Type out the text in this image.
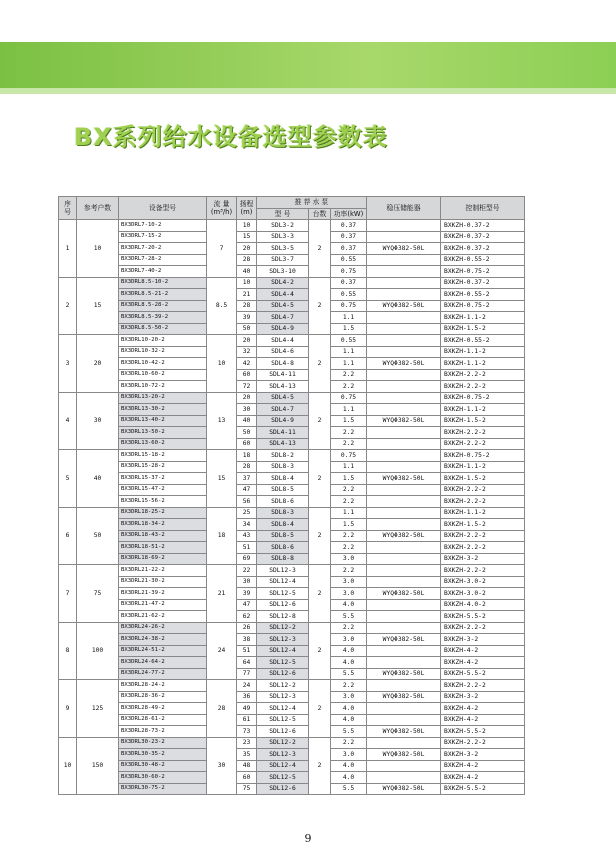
BX系列给水设备选型参数表
序
号	参考户数	设备型号	流 量
(m³/h)	扬程
(m)	推 荐 水 泵			稳压储能器	控制柜型号
					型 号	台数	功率(kW)		
1	10	BX3DRL7-10-2	7	10	SDL3-2	2	0.37		BXKZH-0.37-2
		BX3DRL7-15-2		15	SDL3-3		0.37		BXKZH-0.37-2
		BX3DRL7-20-2		20	SDL3-5		0.37	WYQΦ382-50L	BXKZH-0.37-2
		BX3DRL7-28-2		28	SDL3-7		0.55		BXKZH-0.55-2
		BX3DRL7-40-2		40	SDL3-10		0.75		BXKZH-0.75-2
2	15	BX3DRL8.5-10-2	8.5	10	SDL4-2	2	0.37		BXKZH-0.37-2
		BX3DRL8.5-21-2		21	SDL4-4		0.55		BXKZH-0.55-2
		BX3DRL8.5-28-2		28	SDL4-5		0.75	WYQΦ382-50L	BXKZH-0.75-2
		BX3DRL8.5-39-2		39	SDL4-7		1.1		BXKZH-1.1-2
		BX3DRL8.5-50-2		50	SDL4-9		1.5		BXKZH-1.5-2
3	20	BX3DRL10-20-2	10	20	SDL4-4	2	0.55		BXKZH-0.55-2
		BX3DRL10-32-2		32	SDL4-6		1.1		BXKZH-1.1-2
		BX3DRL10-42-2		42	SDL4-8		1.1	WYQΦ382-50L	BXKZH-1.1-2
		BX3DRL10-60-2		60	SDL4-11		2.2		BXKZH-2.2-2
		BX3DRL10-72-2		72	SDL4-13		2.2		BXKZH-2.2-2
4	30	BX3DRL13-20-2	13	20	SDL4-5	2	0.75		BXKZH-0.75-2
		BX3DRL13-30-2		30	SDL4-7		1.1		BXKZH-1.1-2
		BX3DRL13-40-2		40	SDL4-9		1.5	WYQΦ382-50L	BXKZH-1.5-2
		BX3DRL13-50-2		50	SDL4-11		2.2		BXKZH-2.2-2
		BX3DRL13-60-2		60	SDL4-13		2.2		BXKZH-2.2-2
5	40	BX3DRL15-18-2	15	18	SDL8-2	2	0.75		BXKZH-0.75-2
		BX3DRL15-28-2		28	SDL8-3		1.1		BXKZH-1.1-2
		BX3DRL15-37-2		37	SDL8-4		1.5	WYQΦ382-50L	BXKZH-1.5-2
		BX3DRL15-47-2		47	SDL8-5		2.2		BXKZH-2.2-2
		BX3DRL15-56-2		56	SDL8-6		2.2		BXKZH-2.2-2
6	50	BX3DRL18-25-2	18	25	SDL8-3	2	1.1		BXKZH-1.1-2
		BX3DRL18-34-2		34	SDL8-4		1.5		BXKZH-1.5-2
		BX3DRL18-43-2		43	SDL8-5		2.2	WYQΦ382-50L	BXKZH-2.2-2
		BX3DRL18-51-2		51	SDL8-6		2.2		BXKZH-2.2-2
		BX3DRL18-69-2		69	SDL8-8		3.0		BXKZH-3-2
7	75	BX3DRL21-22-2	21	22	SDL12-3	2	2.2		BXKZH-2.2-2
		BX3DRL21-30-2		30	SDL12-4		3.0		BXKZH-3.0-2
		BX3DRL21-39-2		39	SDL12-5		3.0	WYQΦ382-50L	BXKZH-3.0-2
		BX3DRL21-47-2		47	SDL12-6		4.0		BXKZH-4.0-2
		BX3DRL21-62-2		62	SDL12-8		5.5		BXKZH-5.5-2
8	100	BX3DRL24-26-2	24	26	SDL12-2	2	2.2		BXKZH-2.2-2
		BX3DRL24-38-2		38	SDL12-3		3.0	WYQΦ382-50L	BXKZH-3-2
		BX3DRL24-51-2		51	SDL12-4		4.0		BXKZH-4-2
		BX3DRL24-64-2		64	SDL12-5		4.0		BXKZH-4-2
		BX3DRL24-77-2		77	SDL12-6		5.5	WYQΦ382-50L	BXKZH-5.5-2
9	125	BX3DRL28-24-2	28	24	SDL12-2	2	2.2		BXKZH-2.2-2
		BX3DRL28-36-2		36	SDL12-3		3.0	WYQΦ382-50L	BXKZH-3-2
		BX3DRL28-49-2		49	SDL12-4		4.0		BXKZH-4-2
		BX3DRL28-61-2		61	SDL12-5		4.0		BXKZH-4-2
		BX3DRL28-73-2		73	SDL12-6		5.5	WYQΦ382-50L	BXKZH-5.5-2
10	150	BX3DRL30-23-2	30	23	SDL12-2	2	2.2		BXKZH-2.2-2
		BX3DRL30-35-2		35	SDL12-3		3.0	WYQΦ382-50L	BXKZH-3-2
		BX3DRL30-48-2		48	SDL12-4		4.0		BXKZH-4-2
		BX3DRL30-60-2		60	SDL12-5		4.0		BXKZH-4-2
		BX3DRL30-75-2		75	SDL12-6		5.5	WYQΦ382-50L	BXKZH-5.5-2
9
